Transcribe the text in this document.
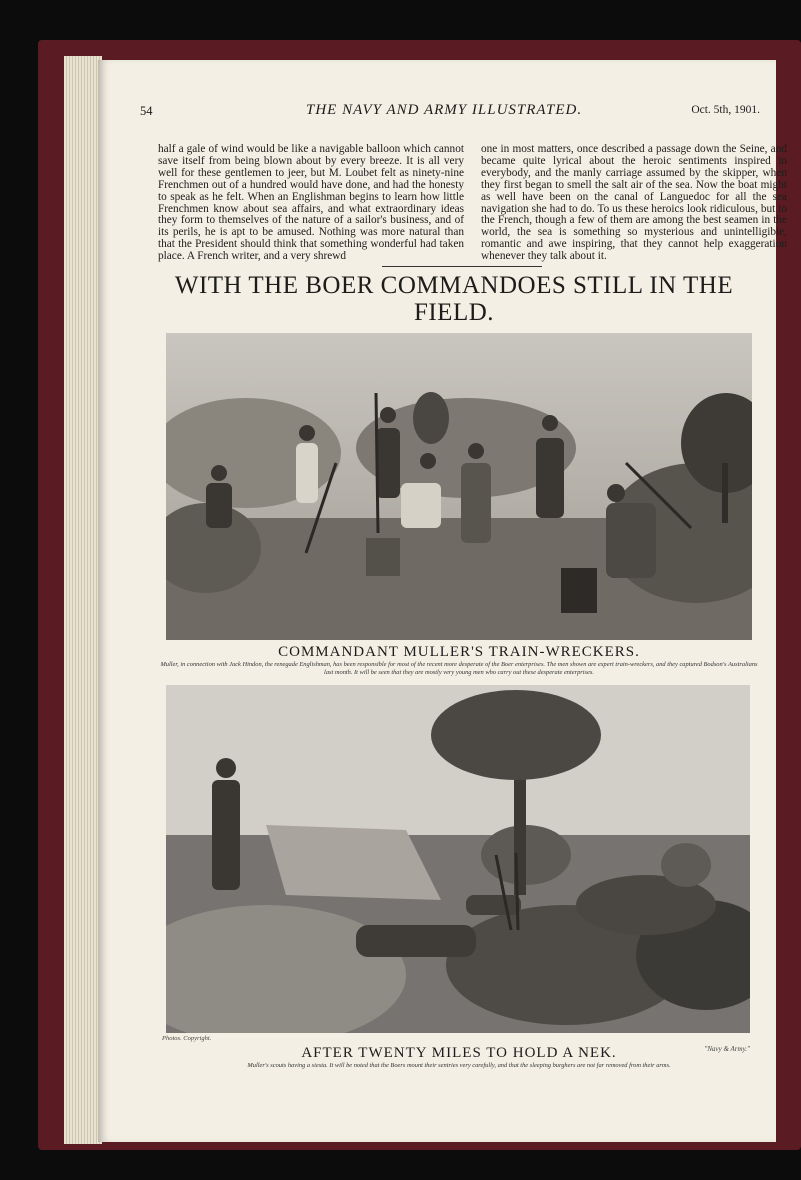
54	THE NAVY AND ARMY ILLUSTRATED.	Oct. 5th, 1901.
half a gale of wind would be like a navigable balloon which cannot save itself from being blown about by every breeze. It is all very well for these gentlemen to jeer, but M. Loubet felt as ninety-nine Frenchmen out of a hundred would have done, and had the honesty to speak as he felt. When an Englishman begins to learn how little Frenchmen know about sea affairs, and what extraordinary ideas they form to themselves of the nature of a sailor's business, and of its perils, he is apt to be amused. Nothing was more natural than that the President should think that something wonderful had taken place. A French writer, and a very shrewd
one in most matters, once described a passage down the Seine, and became quite lyrical about the heroic sentiments inspired in everybody, and the manly carriage assumed by the skipper, when they first began to smell the salt air of the sea. Now the boat might as well have been on the canal of Languedoc for all the sea navigation she had to do. To us these heroics look ridiculous, but to the French, though a few of them are among the best seamen in the world, the sea is something so mysterious and unintelligible, romantic and awe inspiring, that they cannot help exaggeration whenever they talk about it.
WITH THE BOER COMMANDOES STILL IN THE FIELD.
COMMANDANT MULLER'S TRAIN-WRECKERS.
Muller, in connection with Jack Hindon, the renegade Englishman, has been responsible for most of the recent more desperate of the Boer enterprises. The men shown are expert train-wreckers, and they captured Bodson's Australians last month. It will be seen that they are mostly very young men who carry out these desperate enterprises.
Photos. Copyright.
"Navy & Army."
AFTER TWENTY MILES TO HOLD A NEK.
Muller's scouts having a siesta. It will be noted that the Boers mount their sentries very carefully, and that the sleeping burghers are not far removed from their arms.
